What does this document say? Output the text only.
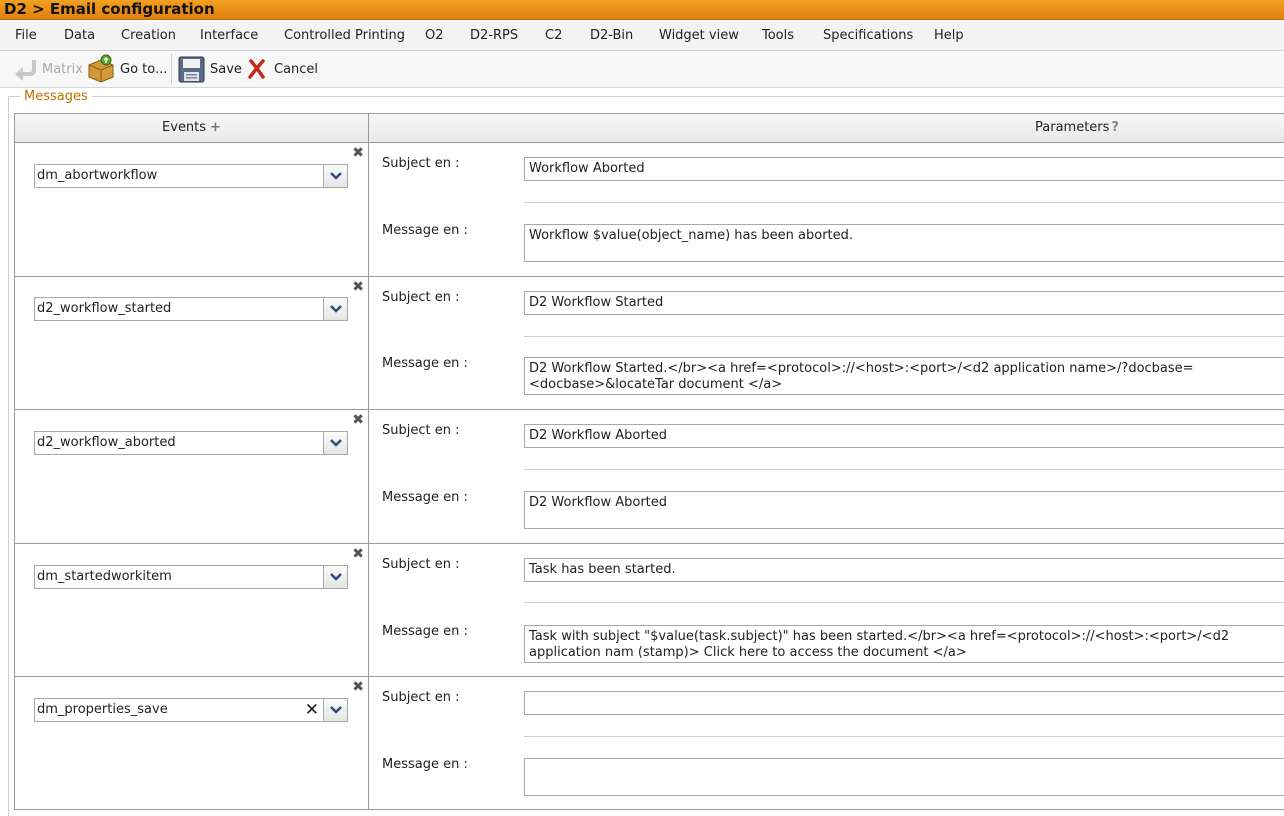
D2 > Email configuration
File Data Creation Interface Controlled Printing O2 D2-RPS C2 D2-Bin Widget view Tools Specifications Help
Matrix	Go to...	Save Cancel
Messages
Events +	Parameters ?
✖
dm_abortworkflow
Subject en :	Workflow Aborted
Message en :	Workflow $value(object_name) has been aborted.
✖
d2_workflow_started
Subject en :	D2 Workflow Started
Message en :	D2 Workflow Started.</br><a href=<protocol>://<host>:<port>/<d2 application name>/?docbase=<docbase>&locateTar document </a>
✖
d2_workflow_aborted
Subject en :	D2 Workflow Aborted
Message en :	D2 Workflow Aborted
✖
dm_startedworkitem
Subject en :	Task has been started.
Message en :	Task with subject "$value(task.subject)" has been started.</br><a href=<protocol>://<host>:<port>/<d2 application nam (stamp)> Click here to access the document </a>
✖
dm_properties_save	✕
Subject en :
Message en :
